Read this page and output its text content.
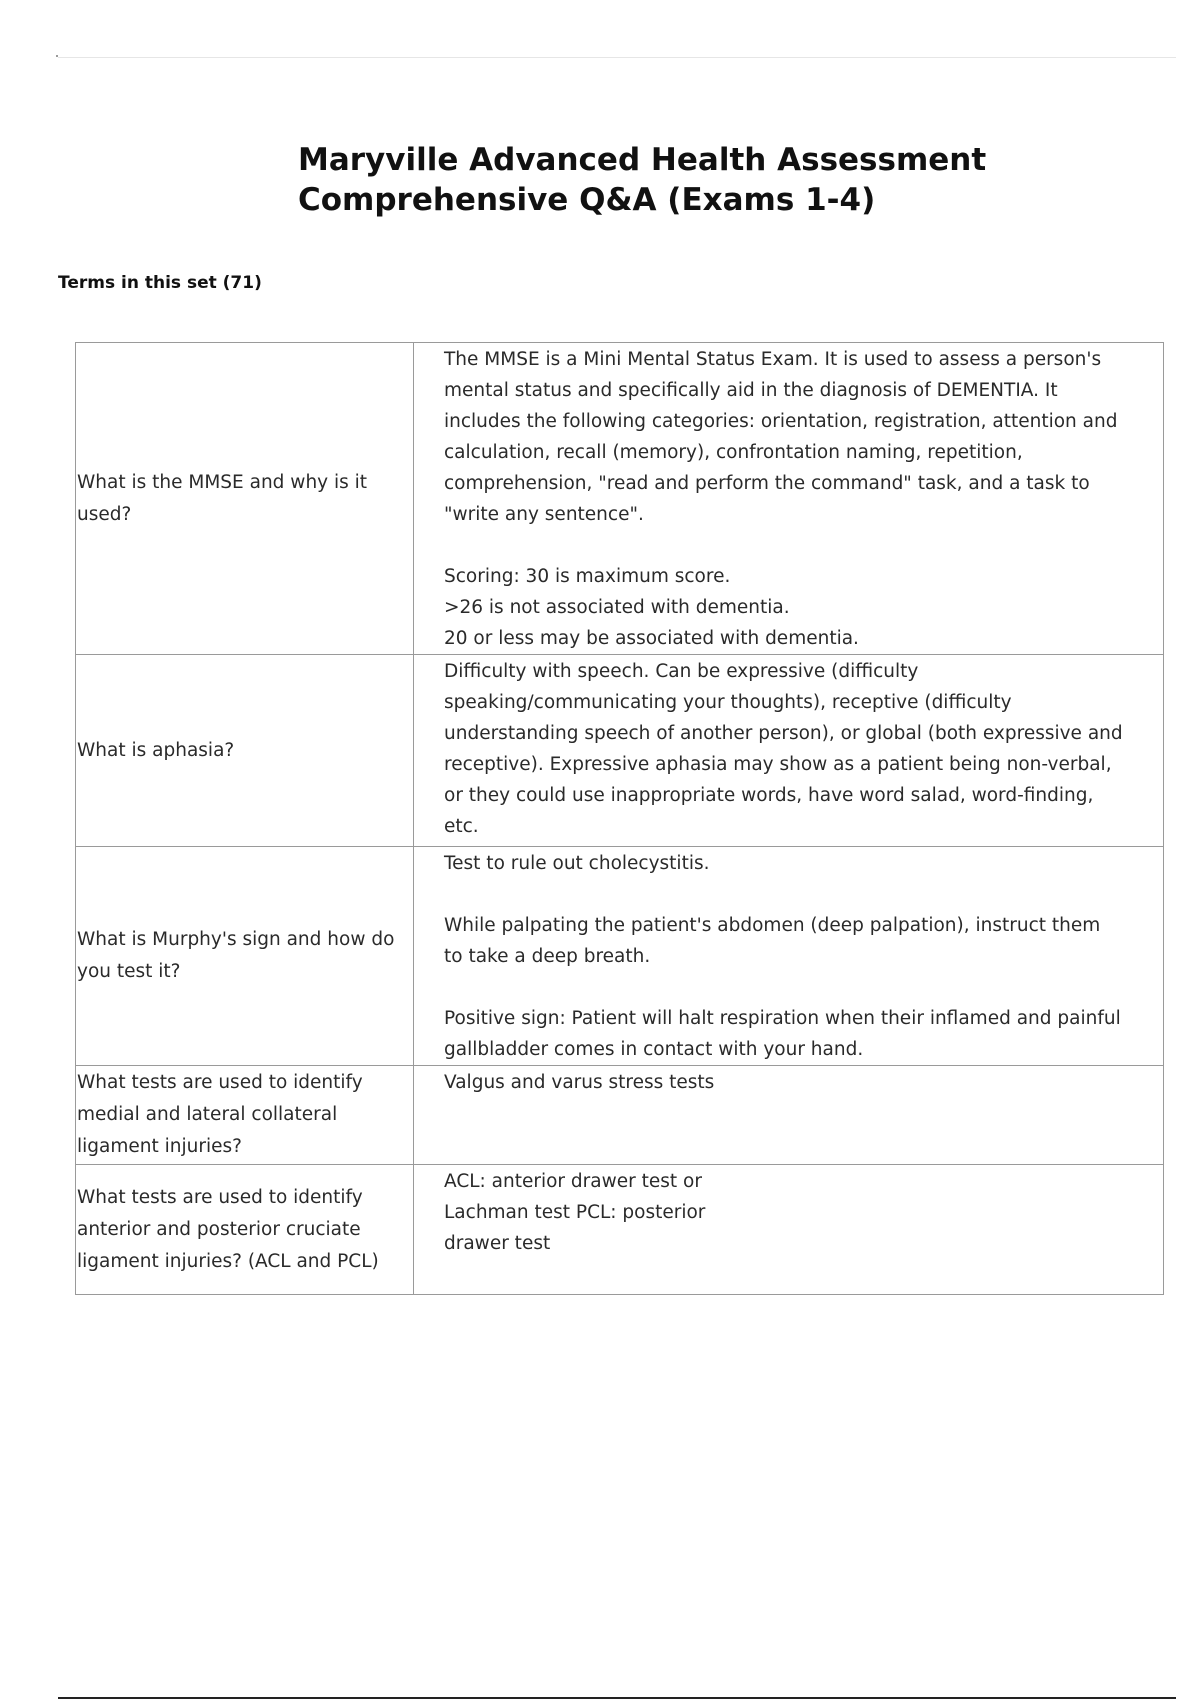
Maryville Advanced Health Assessment Comprehensive Q&A (Exams 1-4)

Terms in this set (71)

What is the MMSE and why is it used?	The MMSE is a Mini Mental Status Exam. It is used to assess a person's mental status and specifically aid in the diagnosis of DEMENTIA. It includes the following categories: orientation, registration, attention and calculation, recall (memory), confrontation naming, repetition, comprehension, "read and perform the command" task, and a task to "write any sentence".

Scoring: 30 is maximum score.
>26 is not associated with dementia.
20 or less may be associated with dementia.
What is aphasia?	Difficulty with speech. Can be expressive (difficulty speaking/communicating your thoughts), receptive (difficulty understanding speech of another person), or global (both expressive and receptive). Expressive aphasia may show as a patient being non-verbal, or they could use inappropriate words, have word salad, word-finding, etc.
What is Murphy's sign and how do you test it?	Test to rule out cholecystitis.

While palpating the patient's abdomen (deep palpation), instruct them to take a deep breath.

Positive sign: Patient will halt respiration when their inflamed and painful gallbladder comes in contact with your hand.
What tests are used to identify medial and lateral collateral ligament injuries?	Valgus and varus stress tests
What tests are used to identify anterior and posterior cruciate ligament injuries? (ACL and PCL)	ACL: anterior drawer test or
Lachman test PCL: posterior
drawer test
